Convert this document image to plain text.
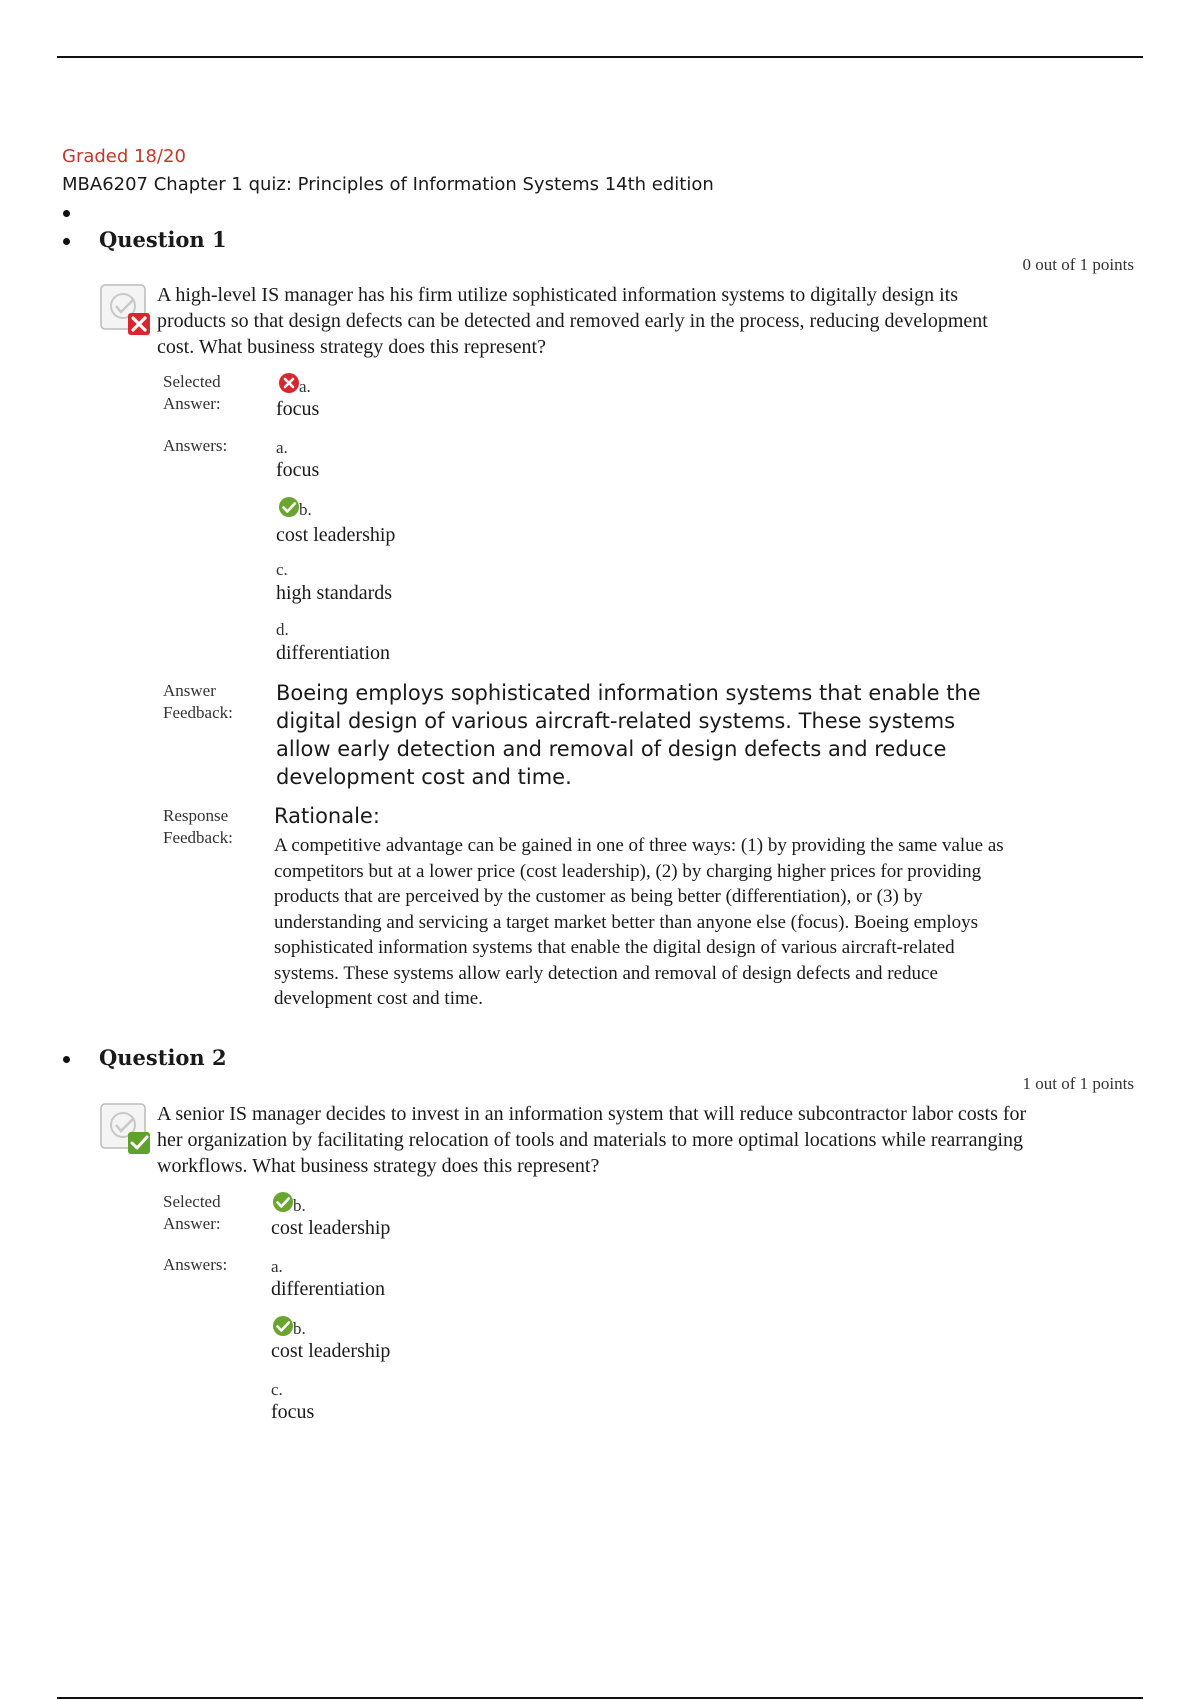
Graded 18/20
MBA6207 Chapter 1 quiz: Principles of Information Systems 14th edition
Question 1
0 out of 1 points
A high-level IS manager has his firm utilize sophisticated information systems to digitally design its products so that design defects can be detected and removed early in the process, reducing development cost. What business strategy does this represent?
Selected
Answer:
a.
focus
Answers:	a.
focus
b.
cost leadership
c.
high standards
d.
differentiation
Answer
Feedback:
Boeing employs sophisticated information systems that enable the digital design of various aircraft-related systems. These systems allow early detection and removal of design defects and reduce development cost and time.
Response
Feedback:
Rationale:
A competitive advantage can be gained in one of three ways: (1) by providing the same value as competitors but at a lower price (cost leadership), (2) by charging higher prices for providing products that are perceived by the customer as being better (differentiation), or (3) by understanding and servicing a target market better than anyone else (focus). Boeing employs sophisticated information systems that enable the digital design of various aircraft-related systems. These systems allow early detection and removal of design defects and reduce development cost and time.
Question 2
1 out of 1 points
A senior IS manager decides to invest in an information system that will reduce subcontractor labor costs for her organization by facilitating relocation of tools and materials to more optimal locations while rearranging workflows. What business strategy does this represent?
Selected
Answer:
b.
cost leadership
Answers:	a.
differentiation
b.
cost leadership
c.
focus
